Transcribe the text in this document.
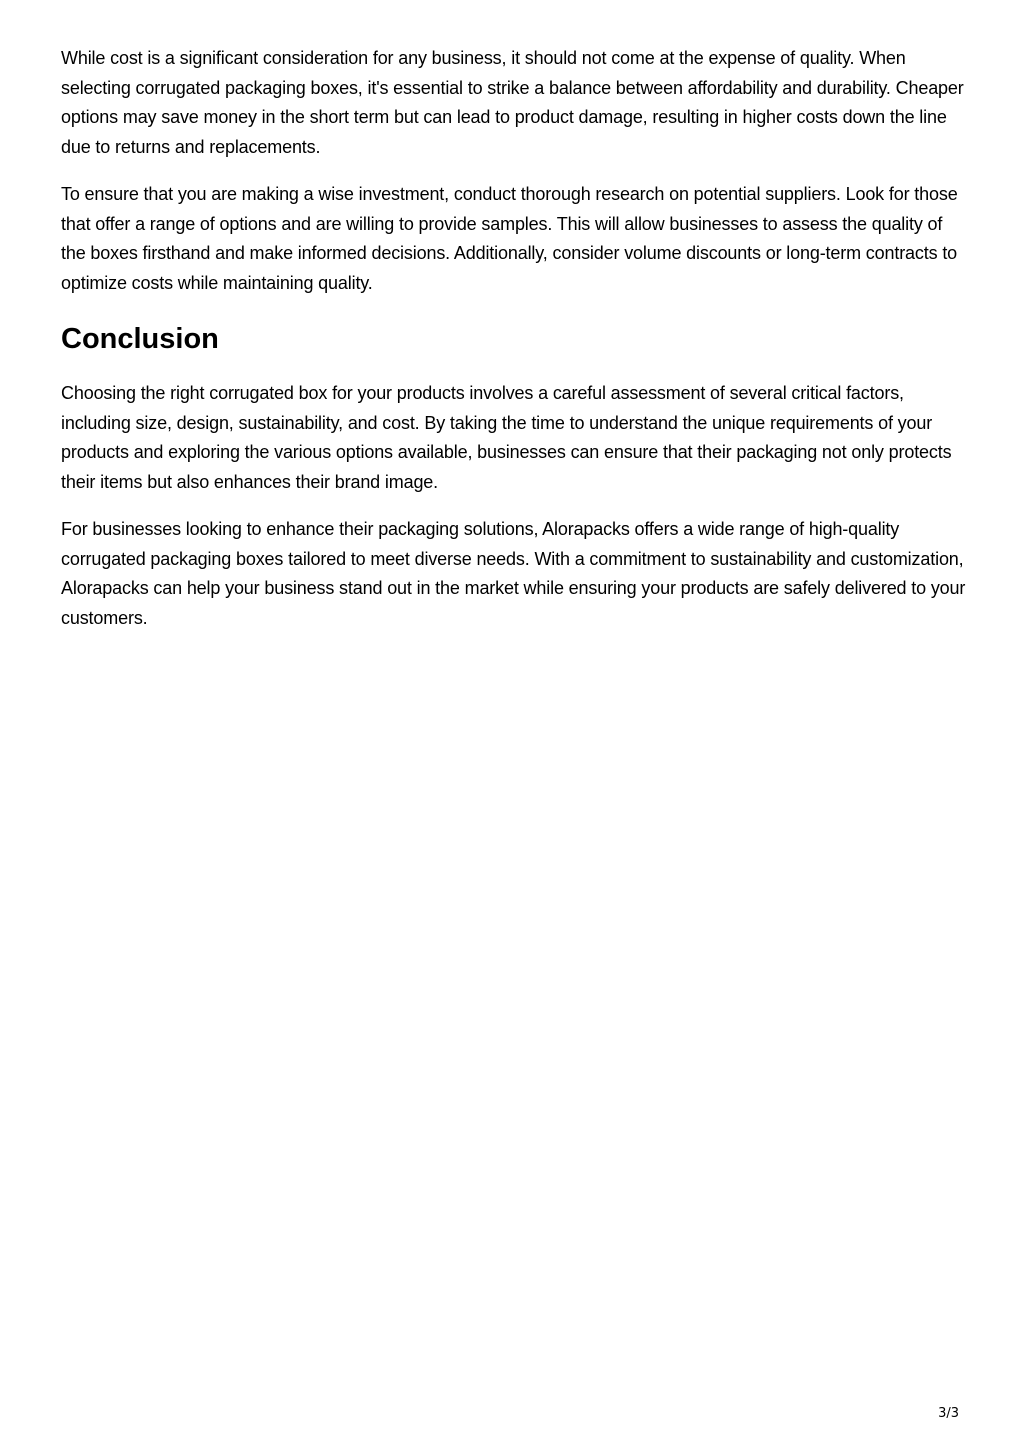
While cost is a significant consideration for any business, it should not come at the expense of quality. When selecting corrugated packaging boxes, it's essential to strike a balance between affordability and durability. Cheaper options may save money in the short term but can lead to product damage, resulting in higher costs down the line due to returns and replacements.

To ensure that you are making a wise investment, conduct thorough research on potential suppliers. Look for those that offer a range of options and are willing to provide samples. This will allow businesses to assess the quality of the boxes firsthand and make informed decisions. Additionally, consider volume discounts or long-term contracts to optimize costs while maintaining quality.

Conclusion

Choosing the right corrugated box for your products involves a careful assessment of several critical factors, including size, design, sustainability, and cost. By taking the time to understand the unique requirements of your products and exploring the various options available, businesses can ensure that their packaging not only protects their items but also enhances their brand image.

For businesses looking to enhance their packaging solutions, Alorapacks offers a wide range of high-quality corrugated packaging boxes tailored to meet diverse needs. With a commitment to sustainability and customization, Alorapacks can help your business stand out in the market while ensuring your products are safely delivered to your customers.

3/3
